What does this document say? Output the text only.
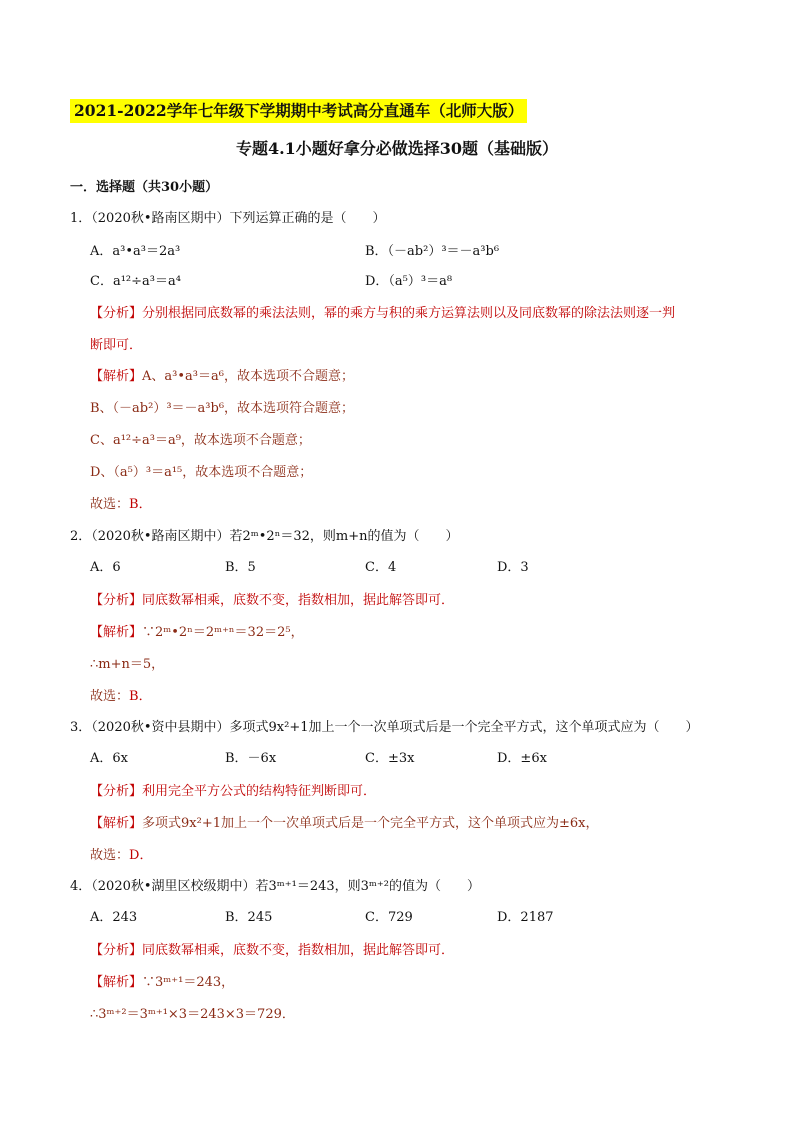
2021-2022学年七年级下学期期中考试高分直通车（北师大版）
专题4.1小题好拿分必做选择30题（基础版）
一．选择题（共30小题）
1．（2020秋•路南区期中）下列运算正确的是（　　）
A．a³•a³＝2a³	B．（－ab²）³＝－a³b⁶
C．a¹²÷a³＝a⁴	D．（a⁵）³＝a⁸
【分析】分别根据同底数幂的乘法法则，幂的乘方与积的乘方运算法则以及同底数幂的除法法则逐一判
断即可．
【解析】A、a³•a³＝a⁶，故本选项不合题意；
B、（－ab²）³＝－a³b⁶，故本选项符合题意；
C、a¹²÷a³＝a⁹，故本选项不合题意；
D、（a⁵）³＝a¹⁵，故本选项不合题意；
故选：B．
2．（2020秋•路南区期中）若2ᵐ•2ⁿ＝32，则m+n的值为（　　）
A．6	B．5	C．4	D．3
【分析】同底数幂相乘，底数不变，指数相加，据此解答即可．
【解析】∵2ᵐ•2ⁿ＝2ᵐ⁺ⁿ＝32＝2⁵，
∴m+n＝5，
故选：B．
3．（2020秋•资中县期中）多项式9x²+1加上一个一次单项式后是一个完全平方式，这个单项式应为（　　）
A．6x	B．－6x	C．±3x	D．±6x
【分析】利用完全平方公式的结构特征判断即可．
【解析】多项式9x²+1加上一个一次单项式后是一个完全平方式，这个单项式应为±6x，
故选：D．
4．（2020秋•湖里区校级期中）若3ᵐ⁺¹＝243，则3ᵐ⁺²的值为（　　）
A．243	B．245	C．729	D．2187
【分析】同底数幂相乘，底数不变，指数相加，据此解答即可．
【解析】∵3ᵐ⁺¹＝243，
∴3ᵐ⁺²＝3ᵐ⁺¹×3＝243×3＝729．
